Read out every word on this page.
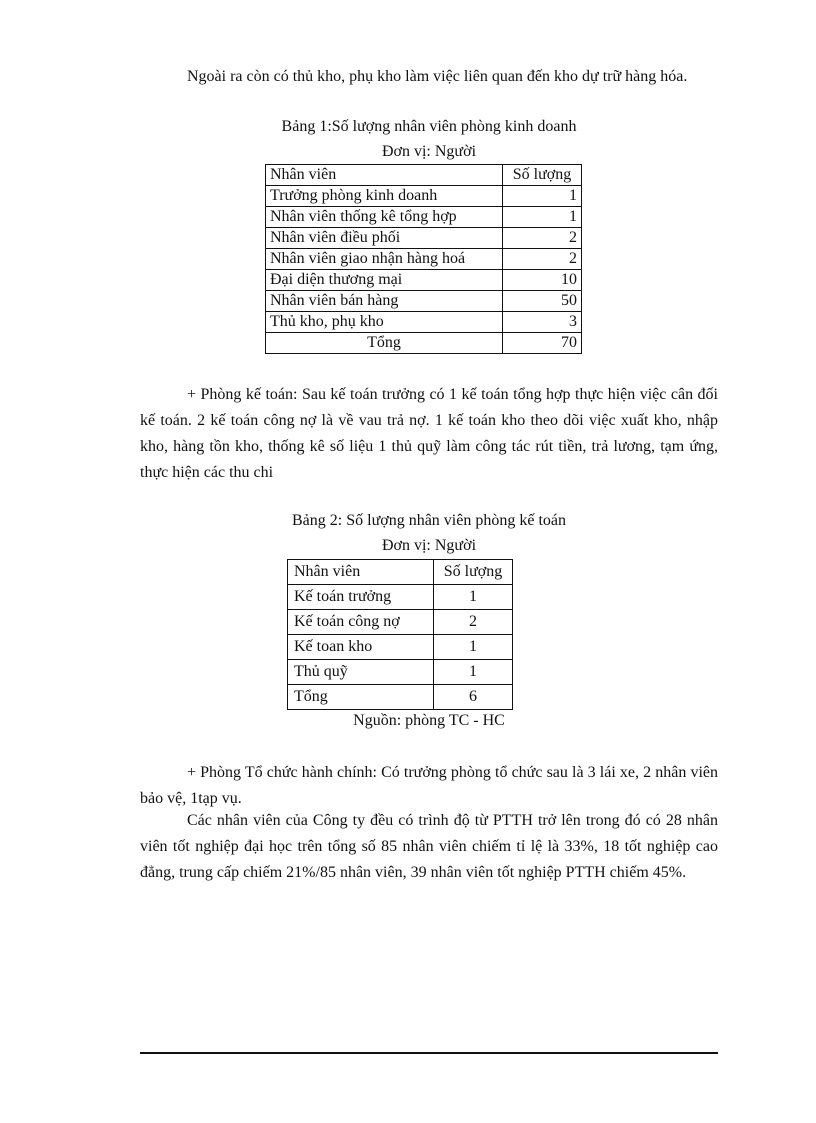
Ngoài ra còn có thủ kho, phụ kho làm việc liên quan đến kho dự trữ hàng hóa.

Bảng 1:Số lượng nhân viên phòng kinh doanh
Đơn vị: Người
Nhân viên	Số lượng
Trưởng phòng kinh doanh	1
Nhân viên thống kê tổng hợp	1
Nhân viên điều phối	2
Nhân viên giao nhận hàng hoá	2
Đại diện thương mại	10
Nhân viên bán hàng	50
Thủ kho, phụ kho	3
Tổng	70

+ Phòng kế toán: Sau kế toán trưởng có 1 kế toán tổng hợp thực hiện việc cân đối kế toán. 2 kế toán công nợ là về vau trả nợ. 1 kế toán kho theo dõi việc xuất kho, nhập kho, hàng tồn kho, thống kê số liệu 1 thủ quỹ làm công tác rút tiền, trả lương, tạm ứng, thực hiện các thu chi

Bảng 2: Số lượng nhân viên phòng kế toán
Đơn vị: Người
Nhân viên	Số lượng
Kế toán trưởng	1
Kế toán công nợ	2
Kế toan kho	1
Thủ quỹ	1
Tổng	6
Nguồn: phòng TC - HC

+ Phòng Tổ chức hành chính: Có trưởng phòng tổ chức sau là 3 lái xe, 2 nhân viên bảo vệ, 1tạp vụ.

Các nhân viên của Công ty đều có trình độ từ PTTH trở lên trong đó có 28 nhân viên tốt nghiệp đại học trên tổng số 85 nhân viên chiếm tỉ lệ là 33%, 18 tốt nghiệp cao đẳng, trung cấp chiếm 21%/85 nhân viên, 39 nhân viên tốt nghiệp PTTH chiếm 45%.
